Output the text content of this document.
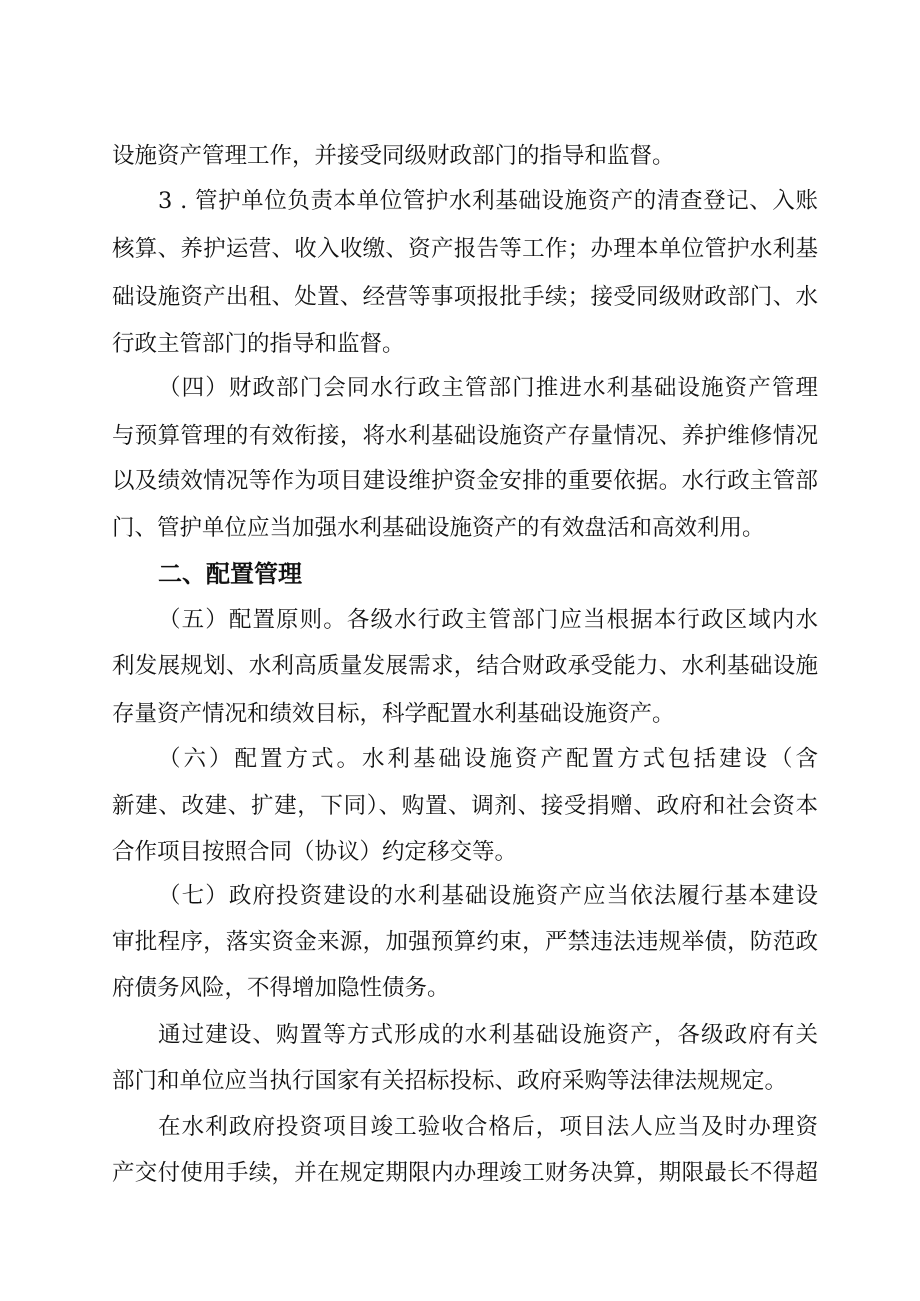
设施资产管理工作，并接受同级财政部门的指导和监督。
3 . 管护单位负责本单位管护水利基础设施资产的清查登记、入账
核算、养护运营、收入收缴、资产报告等工作；办理本单位管护水利基
础设施资产出租、处置、经营等事项报批手续；接受同级财政部门、水
行政主管部门的指导和监督。
（四）财政部门会同水行政主管部门推进水利基础设施资产管理
与预算管理的有效衔接，将水利基础设施资产存量情况、养护维修情况
以及绩效情况等作为项目建设维护资金安排的重要依据。水行政主管部
门、管护单位应当加强水利基础设施资产的有效盘活和高效利用。
二、配置管理
（五）配置原则。各级水行政主管部门应当根据本行政区域内水
利发展规划、水利高质量发展需求，结合财政承受能力、水利基础设施
存量资产情况和绩效目标，科学配置水利基础设施资产。
（六）配置方式。水利基础设施资产配置方式包括建设（含
新建、改建、扩建，下同）、购置、调剂、接受捐赠、政府和社会资本
合作项目按照合同（协议）约定移交等。
（七）政府投资建设的水利基础设施资产应当依法履行基本建设
审批程序，落实资金来源，加强预算约束，严禁违法违规举债，防范政
府债务风险，不得增加隐性债务。
通过建设、购置等方式形成的水利基础设施资产，各级政府有关
部门和单位应当执行国家有关招标投标、政府采购等法律法规规定。
在水利政府投资项目竣工验收合格后，项目法人应当及时办理资
产交付使用手续，并在规定期限内办理竣工财务决算，期限最长不得超
